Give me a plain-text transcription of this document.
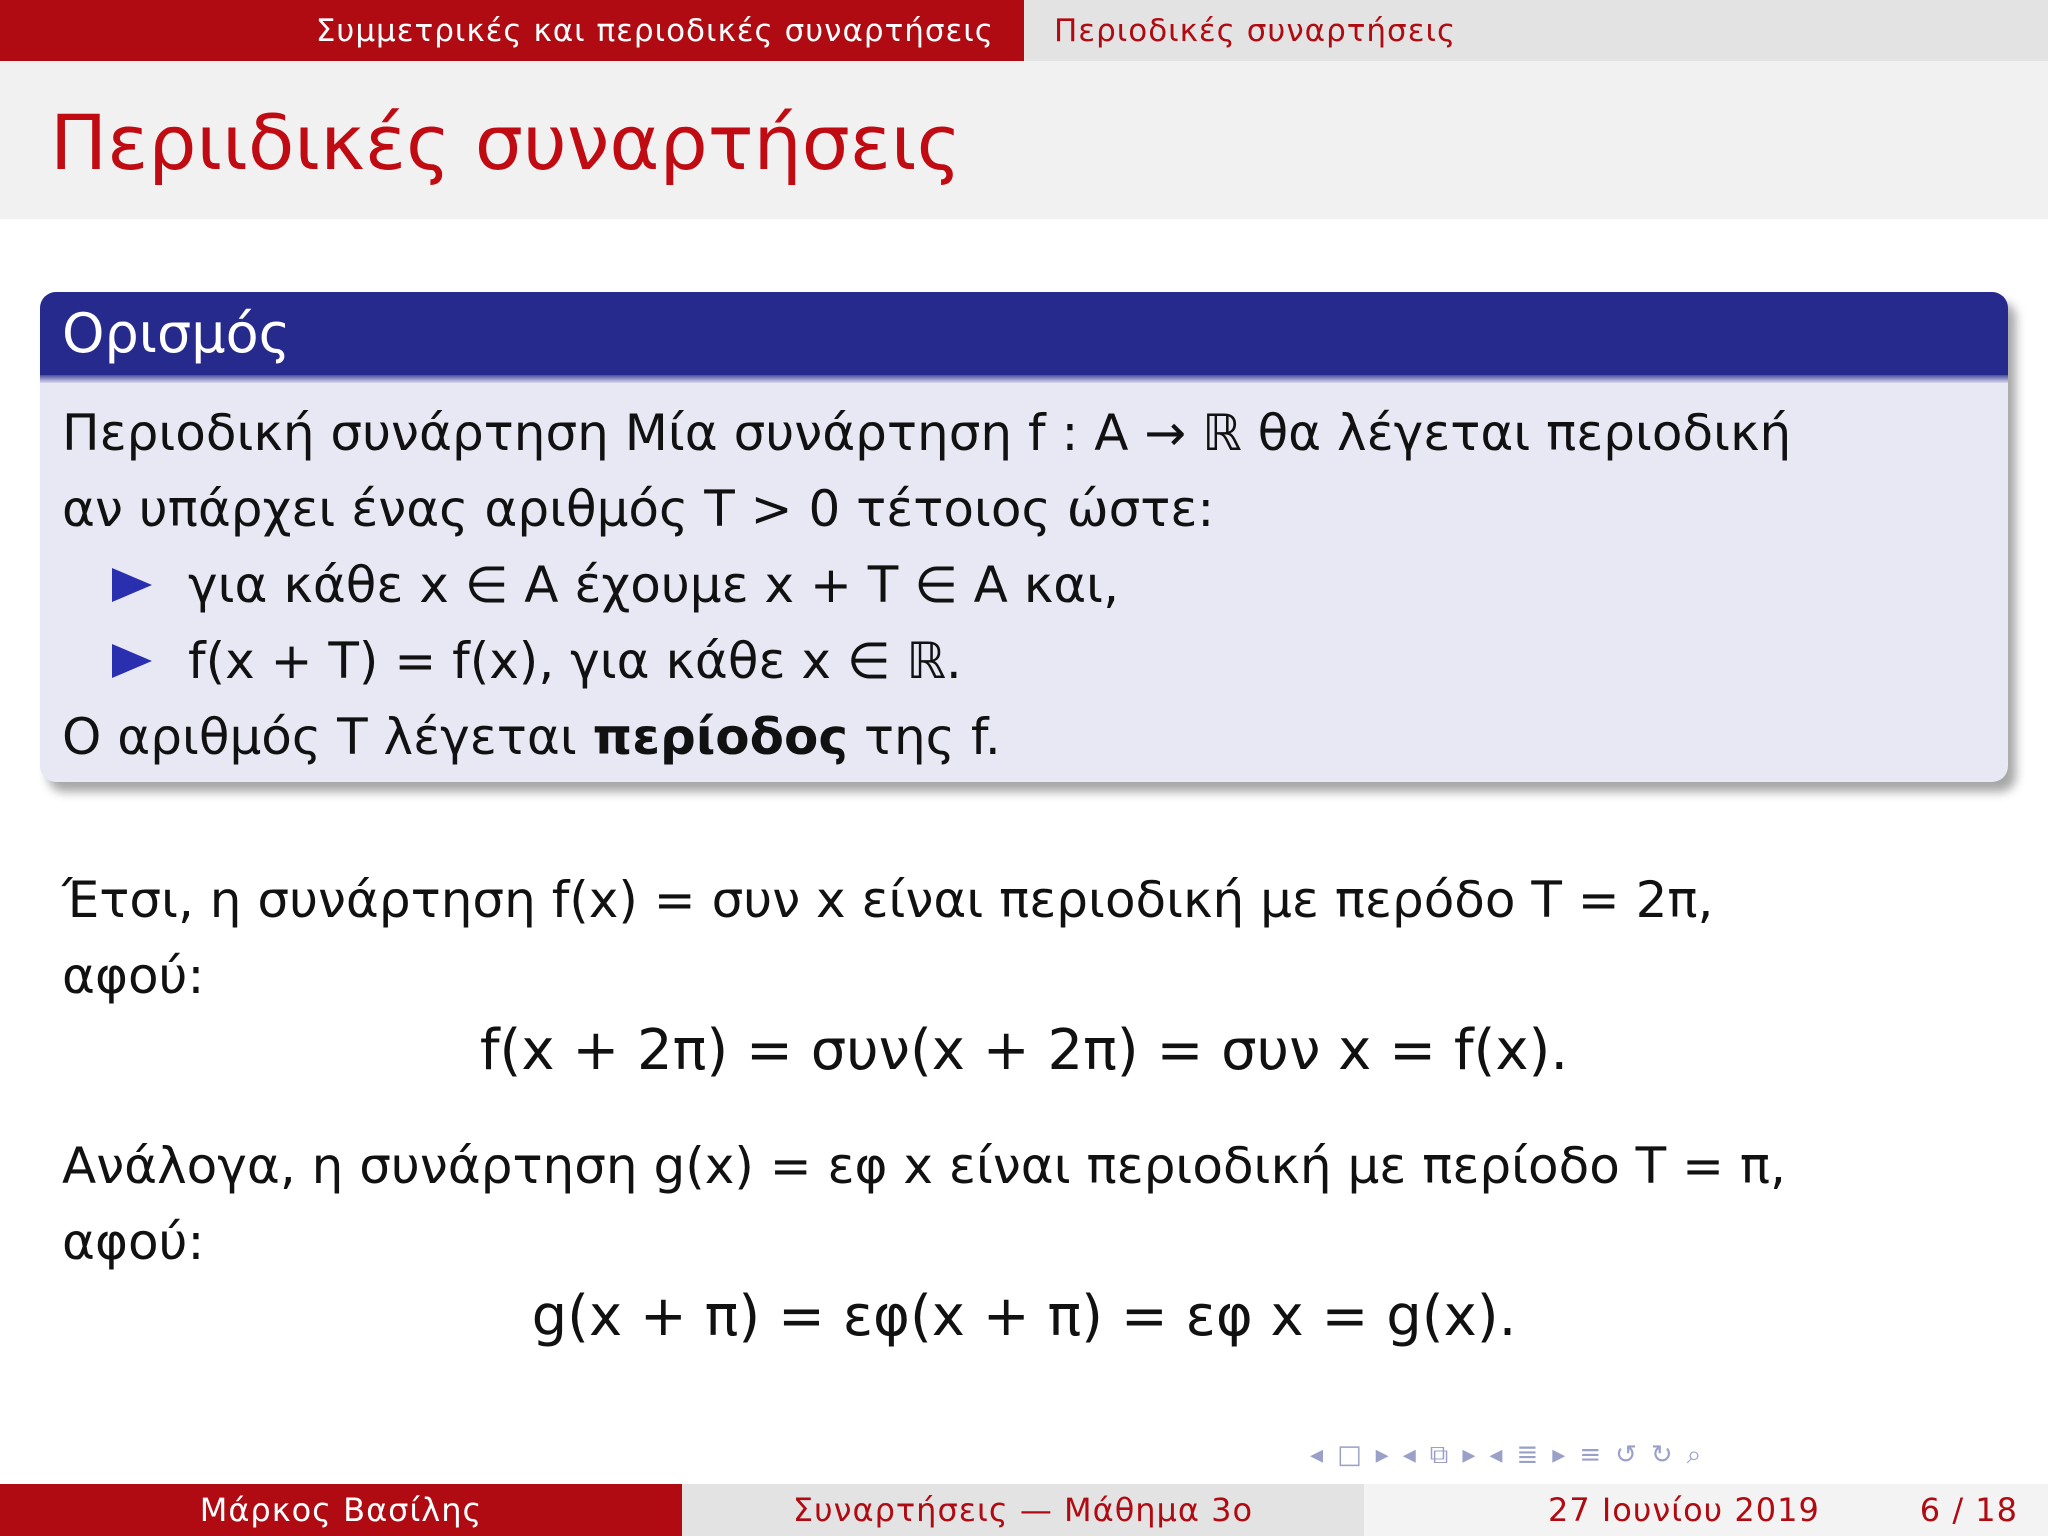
Συμμετρικές και περιοδικές συναρτήσεις	Περιοδικές συναρτήσεις
Περιιδικές συναρτήσεις
Ορισμός
Περιοδική συνάρτηση Μία συνάρτηση f : A → ℝ θα λέγεται περιοδική
αν υπάρχει ένας αριθμός T > 0 τέτοιος ώστε:
για κάθε x ∈ A έχουμε x + T ∈ A και,
f(x + T) = f(x), για κάθε x ∈ ℝ.
Ο αριθμός T λέγεται περίοδος της f.
Έτσι, η συνάρτηση f(x) = συν x είναι περιοδική με περόδο T = 2π,
αφού:
f(x + 2π) = συν(x + 2π) = συν x = f(x).
Ανάλογα, η συνάρτηση g(x) = εφ x είναι περιοδική με περίοδο T = π,
αφού:
g(x + π) = εφ(x + π) = εφ x = g(x).
◂ □ ▸ ◂ ⧉ ▸ ◂ ≣ ▸ ≡ ↺ ↻ ⌕
Μάρκος Βασίλης	Συναρτήσεις — Μάθημα 3ο	27 Ιουνίου 2019	6 / 18
